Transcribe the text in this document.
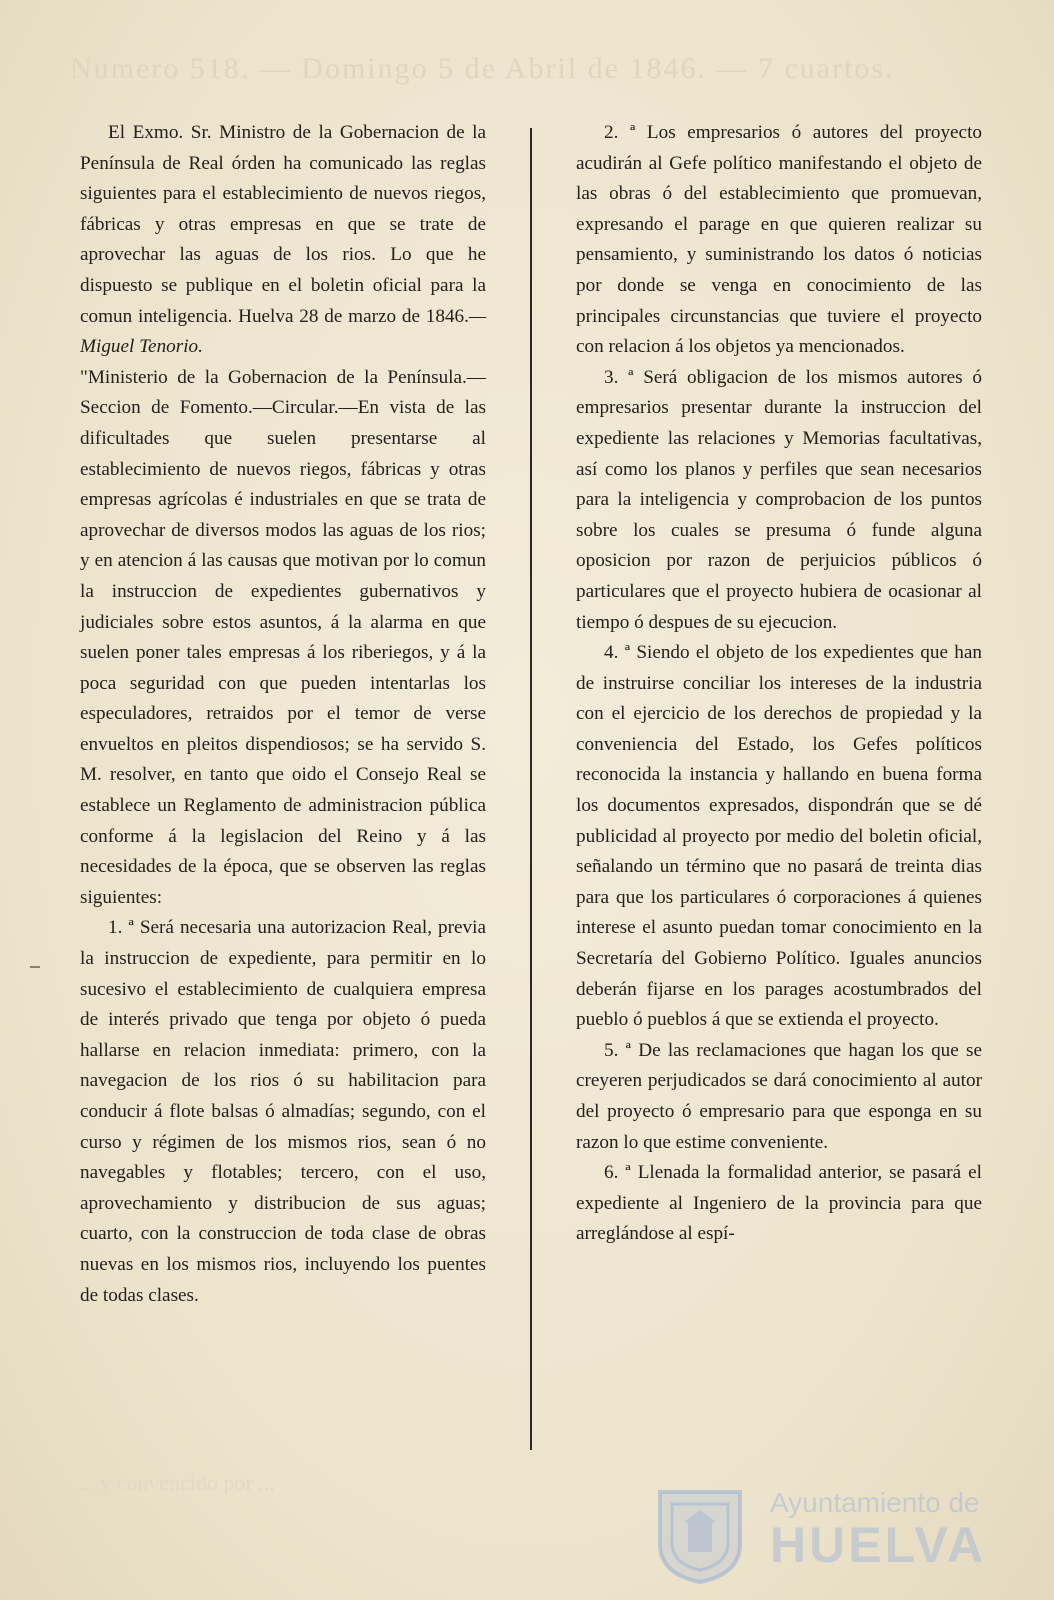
Numero 518. — Domingo 5 de Abril de 1846. — 7 cuartos.

El Exmo. Sr. Ministro de la Gobernacion de la Península de Real órden ha comunicado las reglas siguientes para el establecimiento de nuevos riegos, fábricas y otras empresas en que se trate de aprovechar las aguas de los rios. Lo que he dispuesto se publique en el boletin oficial para la comun inteligencia. Huelva 28 de marzo de 1846.—Miguel Tenorio.

"Ministerio de la Gobernacion de la Península.—Seccion de Fomento.—Circular.—En vista de las dificultades que suelen presentarse al establecimiento de nuevos riegos, fábricas y otras empresas agrícolas é industriales en que se trata de aprovechar de diversos modos las aguas de los rios; y en atencion á las causas que motivan por lo comun la instruccion de expedientes gubernativos y judiciales sobre estos asuntos, á la alarma en que suelen poner tales empresas á los riberiegos, y á la poca seguridad con que pueden intentarlas los especuladores, retraidos por el temor de verse envueltos en pleitos dispendiosos; se ha servido S. M. resolver, en tanto que oido el Consejo Real se establece un Reglamento de administracion pública conforme á la legislacion del Reino y á las necesidades de la época, que se observen las reglas siguientes:

1. ª Será necesaria una autorizacion Real, previa la instruccion de expediente, para permitir en lo sucesivo el establecimiento de cualquiera empresa de interés privado que tenga por objeto ó pueda hallarse en relacion inmediata: primero, con la navegacion de los rios ó su habilitacion para conducir á flote balsas ó almadías; segundo, con el curso y régimen de los mismos rios, sean ó no navegables y flotables; tercero, con el uso, aprovechamiento y distribucion de sus aguas; cuarto, con la construccion de toda clase de obras nuevas en los mismos rios, incluyendo los puentes de todas clases.

2. ª Los empresarios ó autores del proyecto acudirán al Gefe político manifestando el objeto de las obras ó del establecimiento que promuevan, expresando el parage en que quieren realizar su pensamiento, y suministrando los datos ó noticias por donde se venga en conocimiento de las principales circunstancias que tuviere el proyecto con relacion á los objetos ya mencionados.

3. ª Será obligacion de los mismos autores ó empresarios presentar durante la instruccion del expediente las relaciones y Memorias facultativas, así como los planos y perfiles que sean necesarios para la inteligencia y comprobacion de los puntos sobre los cuales se presuma ó funde alguna oposicion por razon de perjuicios públicos ó particulares que el proyecto hubiera de ocasionar al tiempo ó despues de su ejecucion.

4. ª Siendo el objeto de los expedientes que han de instruirse conciliar los intereses de la industria con el ejercicio de los derechos de propiedad y la conveniencia del Estado, los Gefes políticos reconocida la instancia y hallando en buena forma los documentos expresados, dispondrán que se dé publicidad al proyecto por medio del boletin oficial, señalando un término que no pasará de treinta dias para que los particulares ó corporaciones á quienes interese el asunto puedan tomar conocimiento en la Secretaría del Gobierno Político. Iguales anuncios deberán fijarse en los parages acostumbrados del pueblo ó pueblos á que se extienda el proyecto.

5. ª De las reclamaciones que hagan los que se creyeren perjudicados se dará conocimiento al autor del proyecto ó empresario para que esponga en su razon lo que estime conveniente.

6. ª Llenada la formalidad anterior, se pasará el expediente al Ingeniero de la provincia para que arreglándose al espí-

... y convencido por ...
Ayuntamiento de
HUELVA
